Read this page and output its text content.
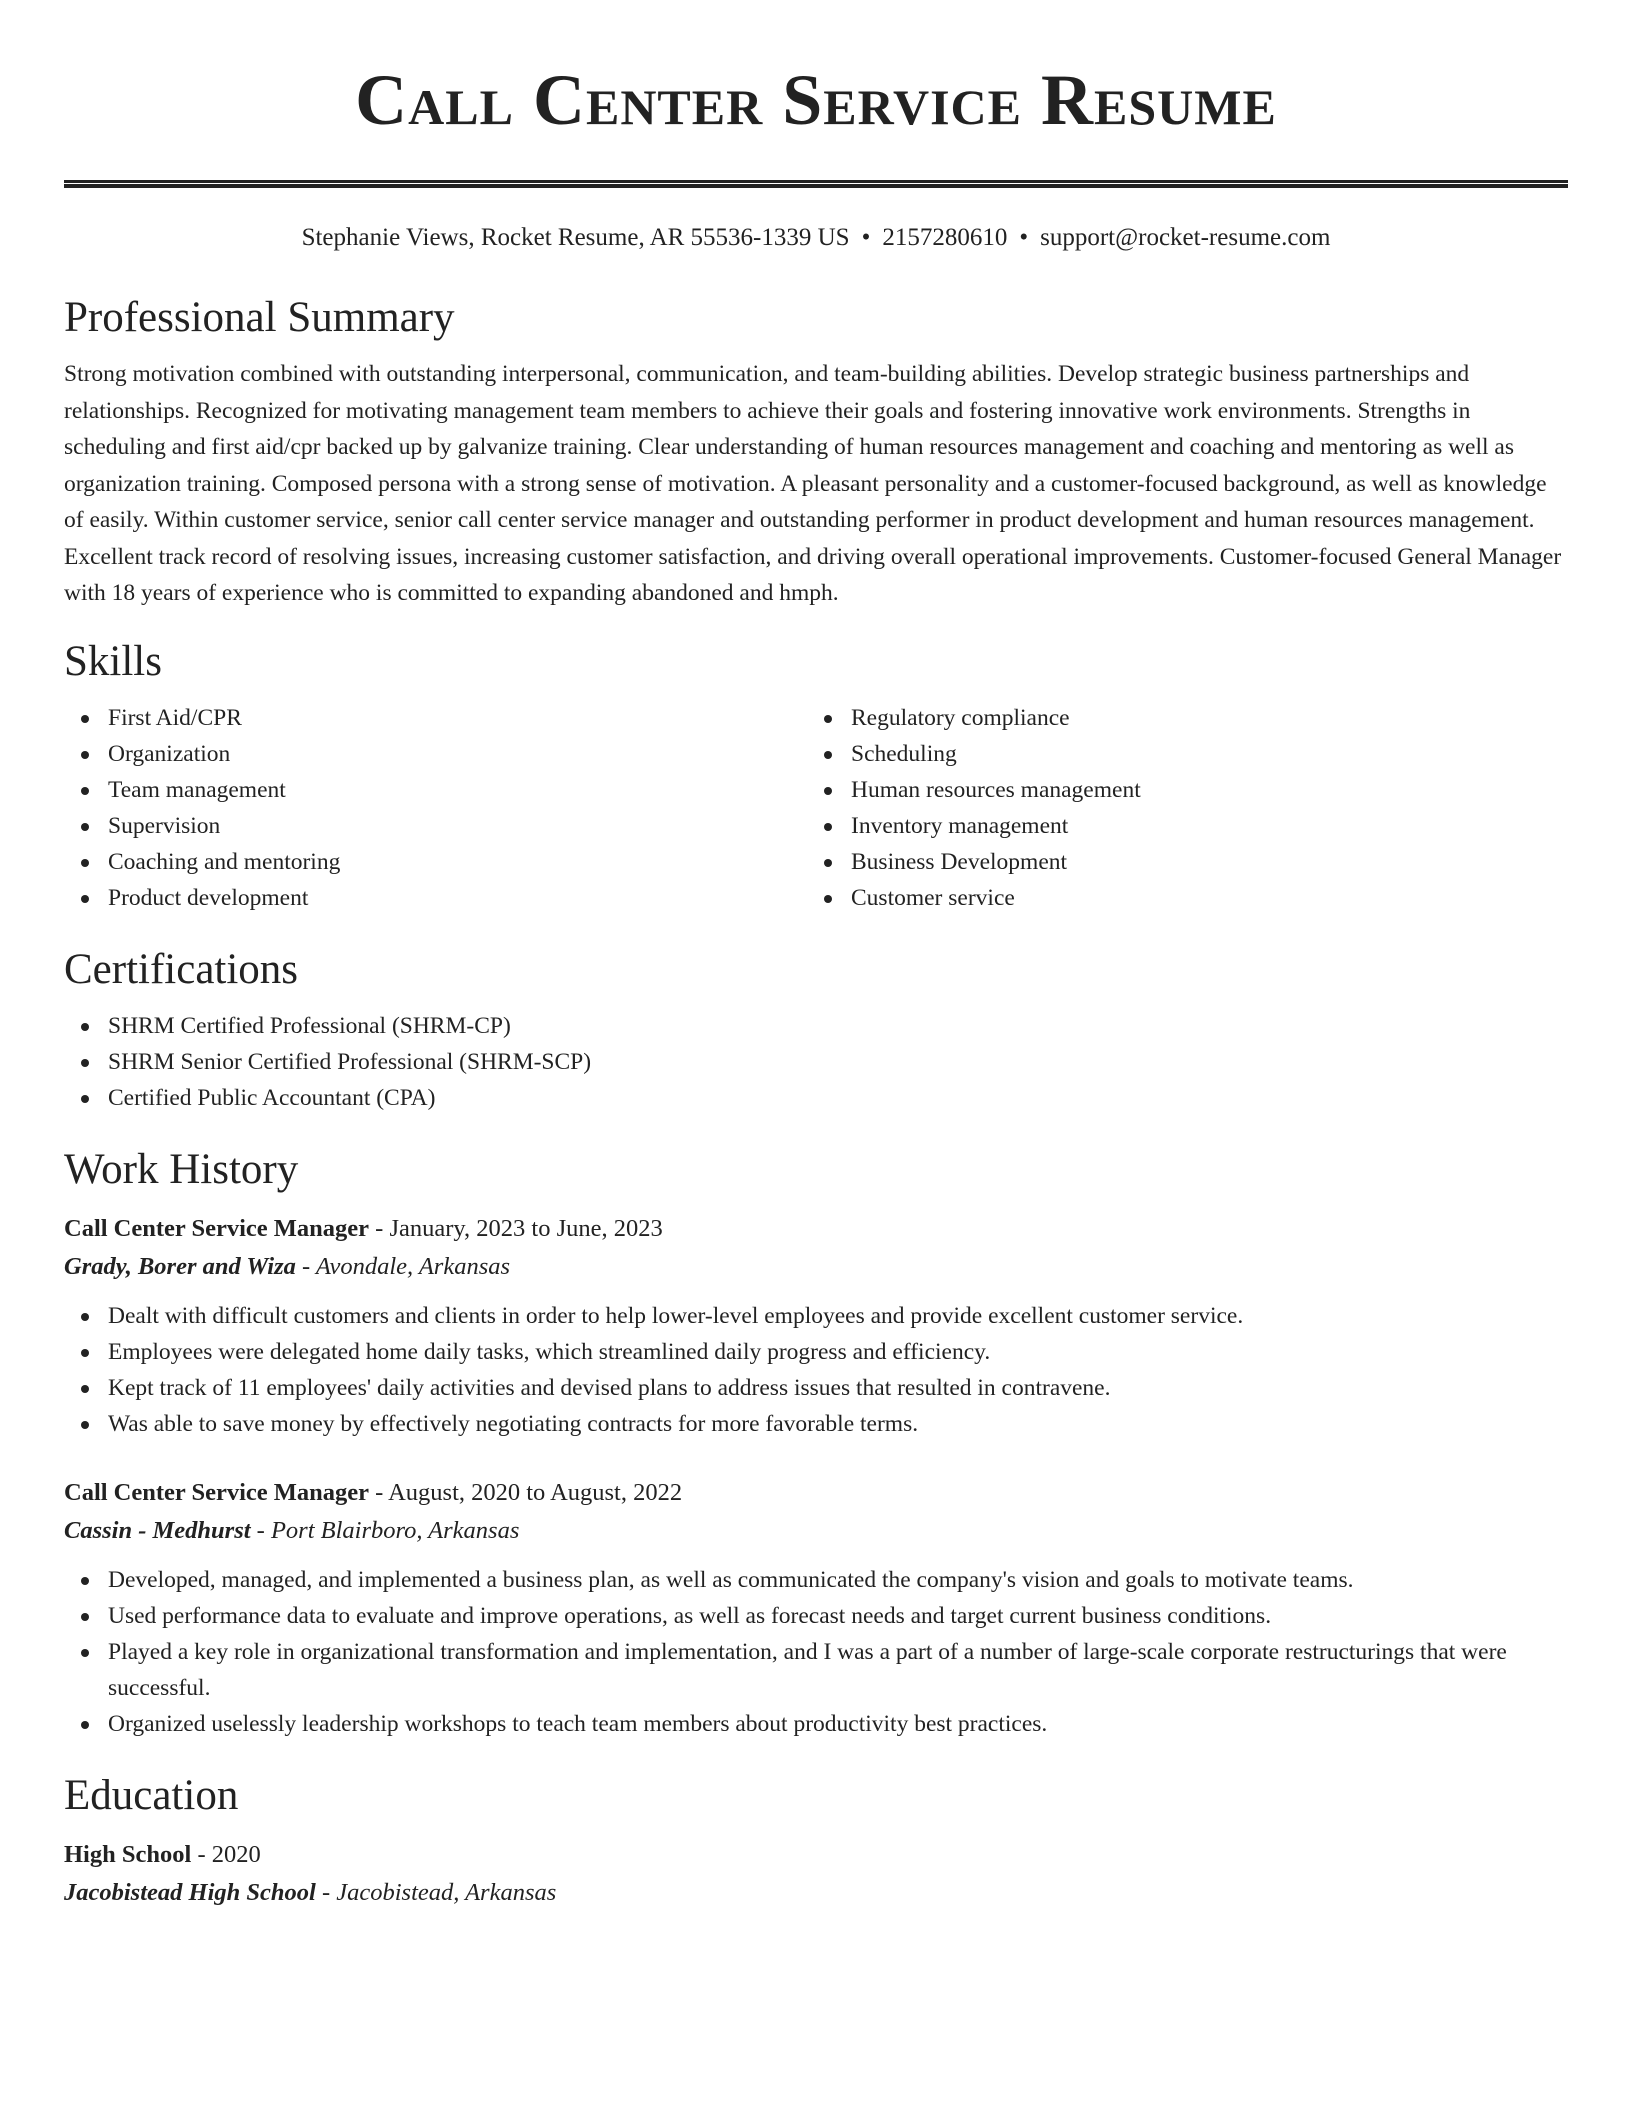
Call Center Service Resume
Stephanie Views, Rocket Resume, AR 55536-1339 US • 2157280610 • support@rocket-resume.com
Professional Summary

Strong motivation combined with outstanding interpersonal, communication, and team-building abilities. Develop strategic business partnerships and relationships. Recognized for motivating management team members to achieve their goals and fostering innovative work environments. Strengths in scheduling and first aid/cpr backed up by galvanize training. Clear understanding of human resources management and coaching and mentoring as well as organization training. Composed persona with a strong sense of motivation. A pleasant personality and a customer-focused background, as well as knowledge of easily. Within customer service, senior call center service manager and outstanding performer in product development and human resources management. Excellent track record of resolving issues, increasing customer satisfaction, and driving overall operational improvements. Customer-focused General Manager with 18 years of experience who is committed to expanding abandoned and hmph.

Skills
First Aid/CPR
Organization
Team management
Supervision
Coaching and mentoring
Product development
Regulatory compliance
Scheduling
Human resources management
Inventory management
Business Development
Customer service
Certifications
SHRM Certified Professional (SHRM-CP)
SHRM Senior Certified Professional (SHRM-SCP)
Certified Public Accountant (CPA)
Work History
Call Center Service Manager - January, 2023 to June, 2023
Grady, Borer and Wiza - Avondale, Arkansas
Dealt with difficult customers and clients in order to help lower-level employees and provide excellent customer service.
Employees were delegated home daily tasks, which streamlined daily progress and efficiency.
Kept track of 11 employees' daily activities and devised plans to address issues that resulted in contravene.
Was able to save money by effectively negotiating contracts for more favorable terms.
Call Center Service Manager - August, 2020 to August, 2022
Cassin - Medhurst - Port Blairboro, Arkansas
Developed, managed, and implemented a business plan, as well as communicated the company's vision and goals to motivate teams.
Used performance data to evaluate and improve operations, as well as forecast needs and target current business conditions.
Played a key role in organizational transformation and implementation, and I was a part of a number of large-scale corporate restructurings that were successful.
Organized uselessly leadership workshops to teach team members about productivity best practices.
Education
High School - 2020
Jacobistead High School - Jacobistead, Arkansas
